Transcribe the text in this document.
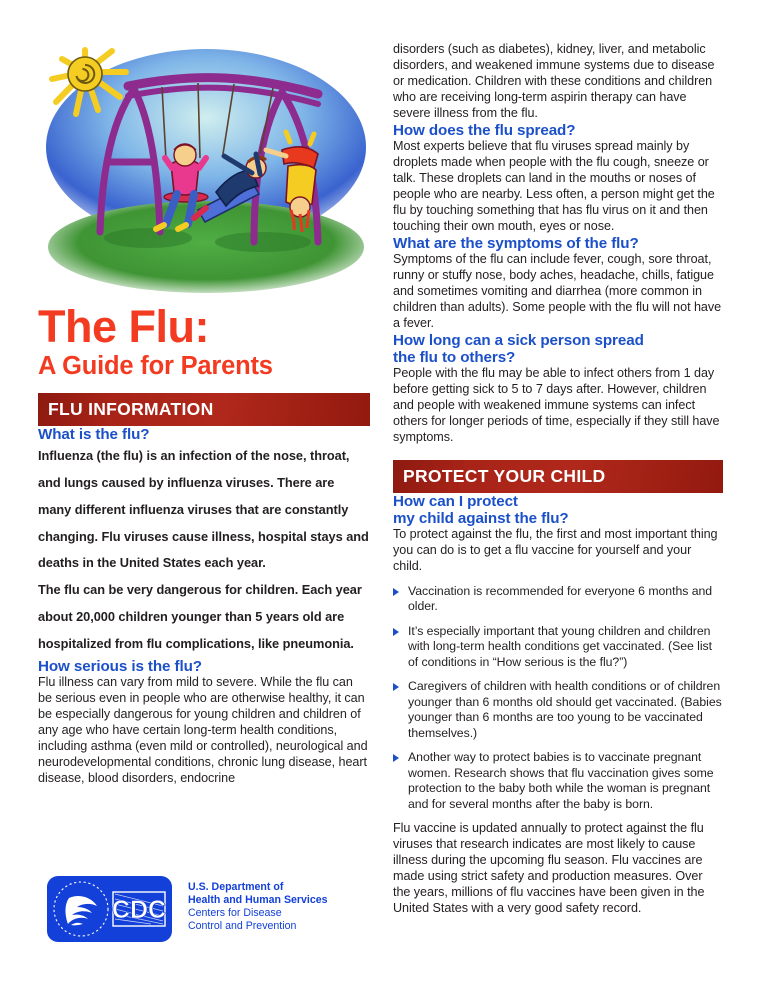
The Flu:
A Guide for Parents
FLU INFORMATION
What is the flu?

Influenza (the flu) is an infection of the nose, throat, and lungs caused by influenza viruses. There are many different influenza viruses that are constantly changing. Flu viruses cause illness, hospital stays and deaths in the United States each year.

The flu can be very dangerous for children. Each year about 20,000 children younger than 5 years old are hospitalized from flu complications, like pneumonia.

How serious is the flu?

Flu illness can vary from mild to severe. While the flu can be serious even in people who are otherwise healthy, it can be especially dangerous for young children and children of any age who have certain long-term health conditions, including asthma (even mild or controlled), neurological and neurodevelopmental conditions, chronic lung disease, heart disease, blood disorders, endocrine

disorders (such as diabetes), kidney, liver, and metabolic disorders, and weakened immune systems due to disease or medication. Children with these conditions and children who are receiving long-term aspirin therapy can have severe illness from the flu.

How does the flu spread?

Most experts believe that flu viruses spread mainly by droplets made when people with the flu cough, sneeze or talk. These droplets can land in the mouths or noses of people who are nearby. Less often, a person might get the flu by touching something that has flu virus on it and then touching their own mouth, eyes or nose.

What are the symptoms of the flu?

Symptoms of the flu can include fever, cough, sore throat, runny or stuffy nose, body aches, headache, chills, fatigue and sometimes vomiting and diarrhea (more common in children than adults). Some people with the flu will not have a fever.

How long can a sick person spread
the flu to others?

People with the flu may be able to infect others from 1 day before getting sick to 5 to 7 days after. However, children and people with weakened immune systems can infect others for longer periods of time, especially if they still have symptoms.

PROTECT YOUR CHILD
How can I protect
my child against the flu?

To protect against the flu, the first and most important thing you can do is to get a flu vaccine for yourself and your child.

Vaccination is recommended for everyone 6 months and older.
It’s especially important that young children and children with long-term health conditions get vaccinated. (See list of conditions in “How serious is the flu?”)
Caregivers of children with health conditions or of children younger than 6 months old should get vaccinated. (Babies younger than 6 months are too young to be vaccinated themselves.)
Another way to protect babies is to vaccinate pregnant women. Research shows that flu vaccination gives some protection to the baby both while the woman is pregnant and for several months after the baby is born.

Flu vaccine is updated annually to protect against the flu viruses that research indicates are most likely to cause illness during the upcoming flu season. Flu vaccines are made using strict safety and production measures. Over the years, millions of flu vaccines have been given in the United States with a very good safety record.

CDC
U.S. Department of
Health and Human Services
Centers for Disease
Control and Prevention
